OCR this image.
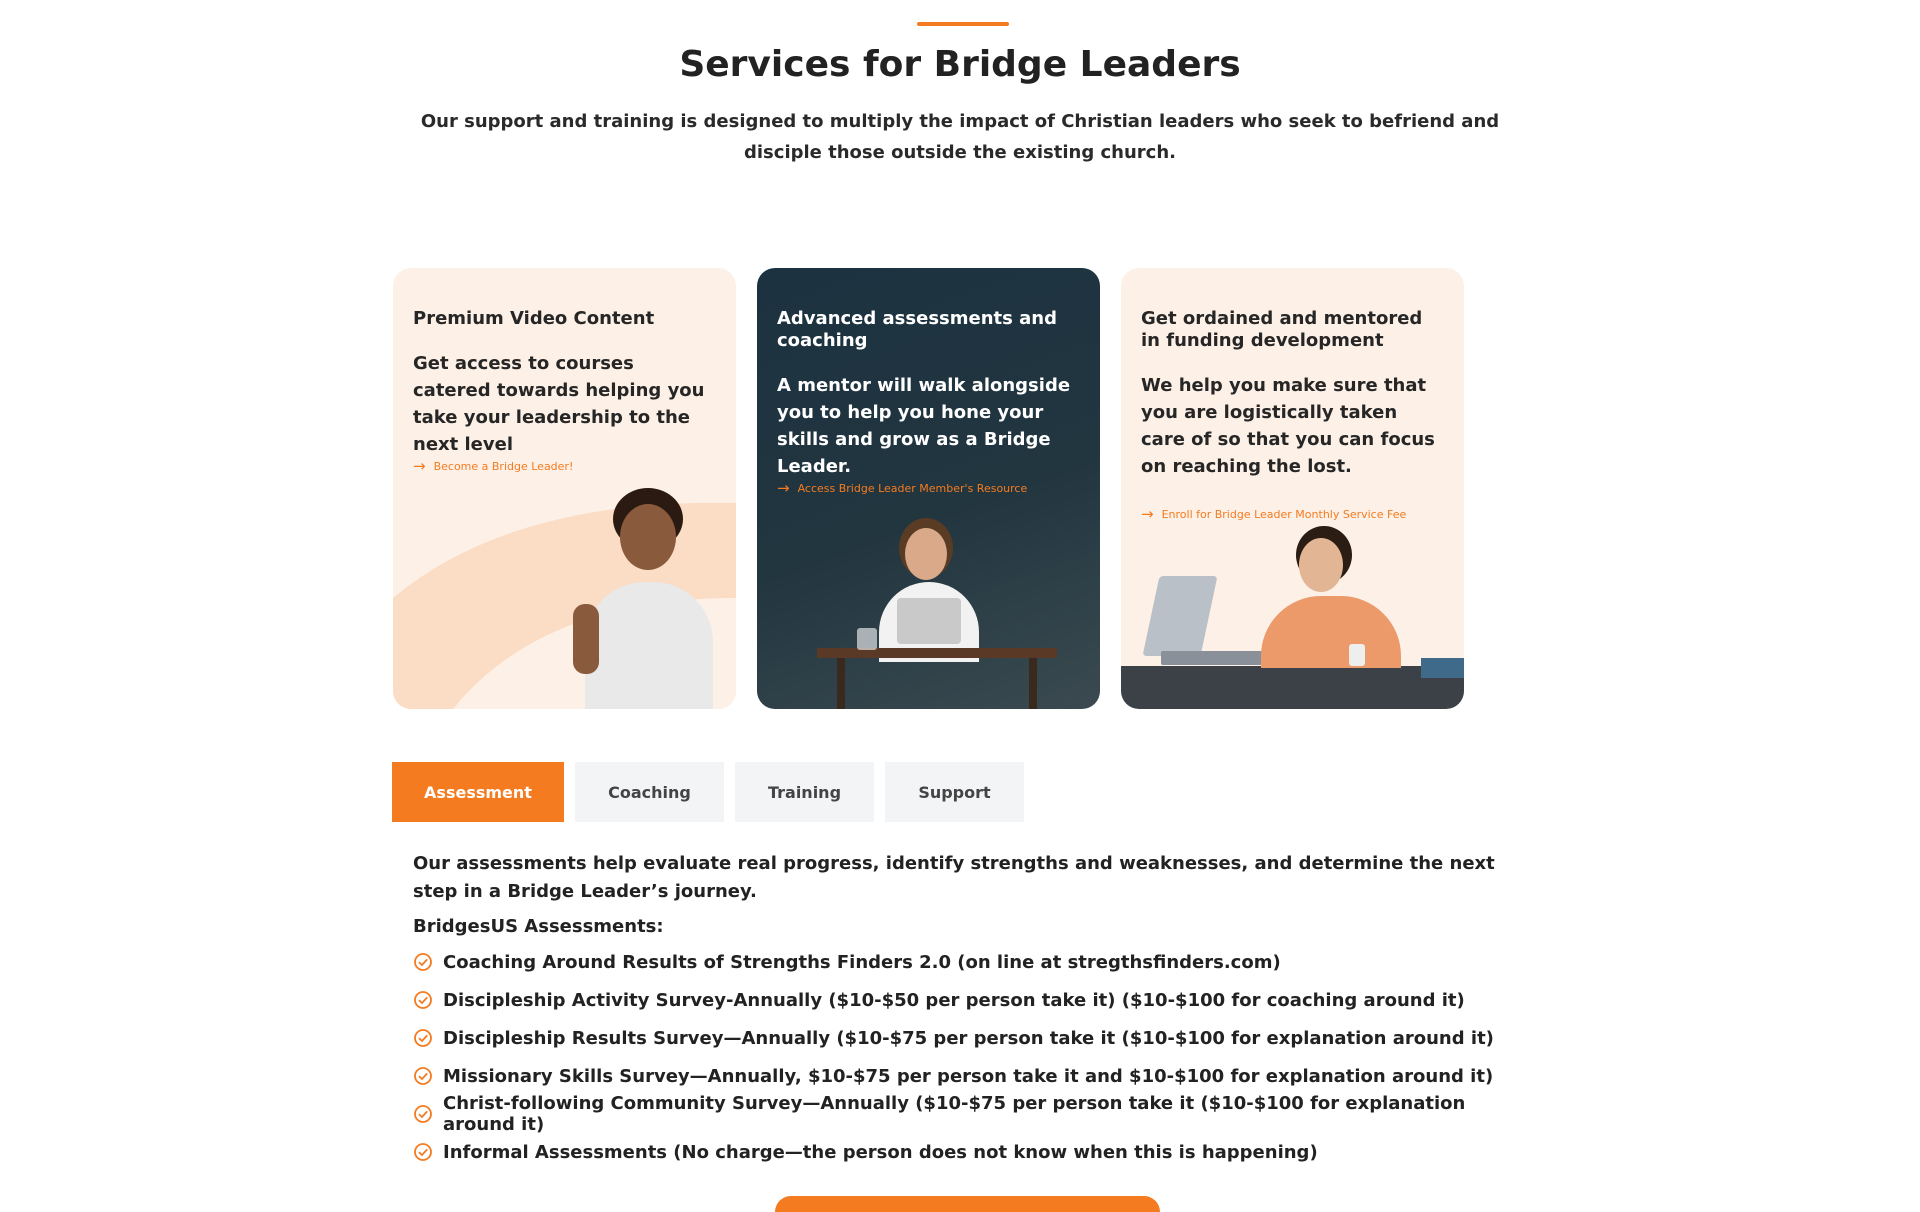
Services for Bridge Leaders

Our support and training is designed to multiply the impact of Christian leaders who seek to befriend and disciple those outside the existing church.

Premium Video Content

Get access to courses catered towards helping you take your leadership to the next level

→ Become a Bridge Leader!
Advanced assessments and coaching

A mentor will walk alongside you to help you hone your skills and grow as a Bridge Leader.

→ Access Bridge Leader Member's Resource
Get ordained and mentored in funding development

We help you make sure that you are logistically taken care of so that you can focus on reaching the lost.

→ Enroll for Bridge Leader Monthly Service Fee
Assessment	Coaching	Training	Support

Our assessments help evaluate real progress, identify strengths and weaknesses, and determine the next step in a Bridge Leader’s journey.

BridgesUS Assessments:
Coaching Around Results of Strengths Finders 2.0 (on line at stregthsfinders.com)
Discipleship Activity Survey-Annually ($10-$50 per person take it) ($10-$100 for coaching around it)
Discipleship Results Survey—Annually ($10-$75 per person take it ($10-$100 for explanation around it)
Missionary Skills Survey—Annually, $10-$75 per person take it and $10-$100 for explanation around it)
Christ-following Community Survey—Annually ($10-$75 per person take it ($10-$100 for explanation around it)
Informal Assessments (No charge—the person does not know when this is happening)
